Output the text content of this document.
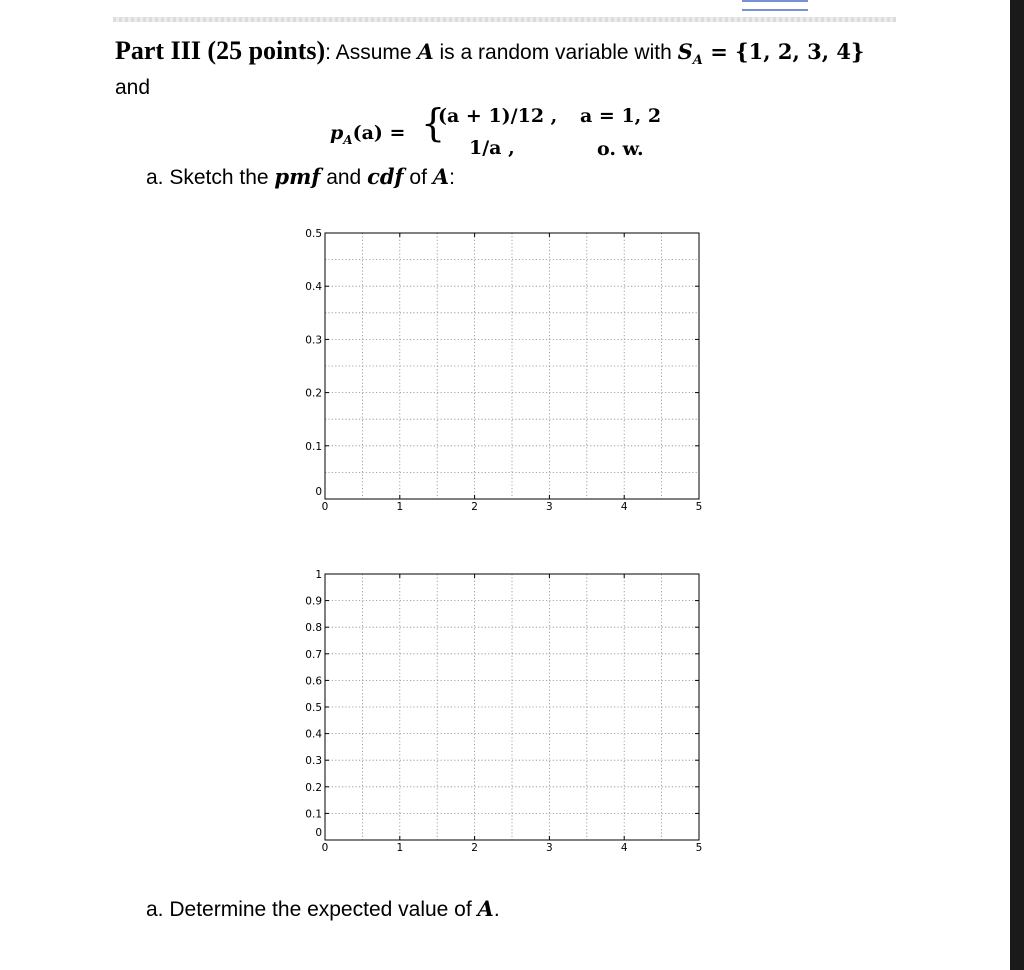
Part III (25 points): Assume A is a random variable with $S_A = \{1$, 2, 3, 4}
and
$p_A(a)$ = {
(a + 1)/12 , a = 1, 2
1/a ,	o. w.
a. Sketch the pmf and cdf of A:
0	1	2	3	4	5
0
0.1
0.2
0.3
0.4
0.5
0	1	2	3	4	5
0
0.1
0.2
0.3
0.4
0.5
0.6
0.7
0.8
0.9
1
a. Determine the expected value of A.
